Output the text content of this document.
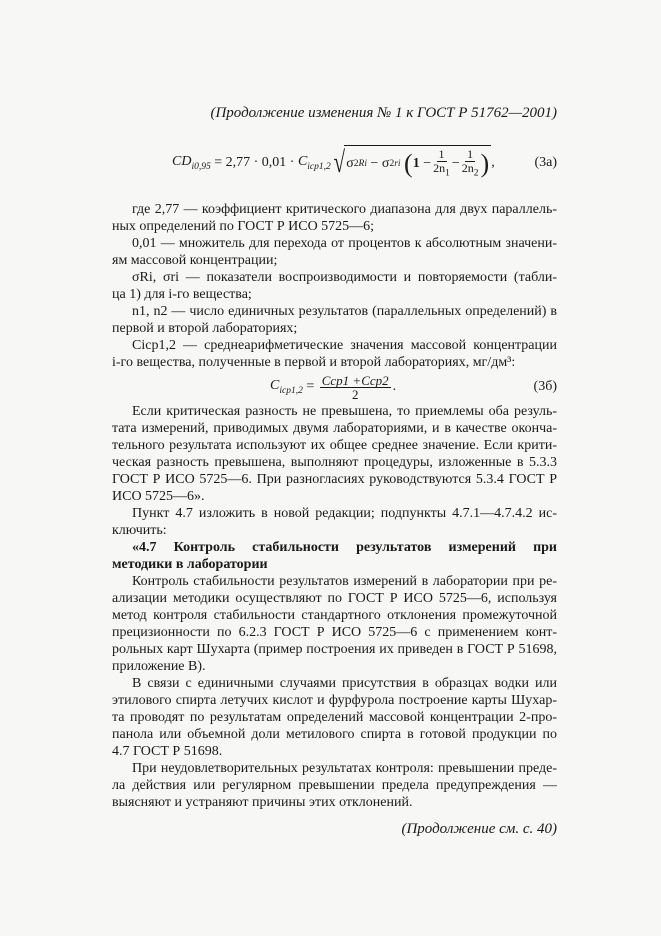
(Продолжение изменения № 1 к ГОСТ Р 51762—2001)
$CD_{i0,95}$
=
2,77 · 0,01 ·
$C_{icp1,2}$ √ σ 2 Ri
−
σ 2 ri
( 1
− $\frac{1}{2n_1} - \frac{1}{2n_2}$ ) ,	(3а)
где 2,77 — коэффициент критического диапазона для двух параллель-
ных определений по ГОСТ Р ИСО 5725—6;
0,01 — множитель для перехода от процентов к абсолютным значени-
ям массовой концентрации;
σRi, σri — показатели воспроизводимости и повторяемости (табли-
ца 1) для i-го вещества;
n1, n2 — число единичных результатов (параллельных определений) в
первой и второй лабораториях;
Ciср1,2 — среднеарифметические значения массовой концентрации
i-го вещества, полученные в первой и второй лабораториях, мг/дм³:
$C_{icp1,2}$
=
$\frac{\text{Ccp1 +Ccp2}}{2}$ .	(3б)
Если критическая разность не превышена, то приемлемы оба резуль-
тата измерений, приводимых двумя лабораториями, и в качестве оконча-
тельного результата используют их общее среднее значение. Если крити-
ческая разность превышена, выполняют процедуры, изложенные в 5.3.3
ГОСТ Р ИСО 5725—6. При разногласиях руководствуются 5.3.4 ГОСТ Р
ИСО 5725—6».
Пункт 4.7 изложить в новой редакции; подпункты 4.7.1—4.7.4.2 ис-
ключить:
«4.7 Контроль стабильности результатов измерений при
методики в лаборатории
Контроль стабильности результатов измерений в лаборатории при ре-
ализации методики осуществляют по ГОСТ Р ИСО 5725—6, используя
метод контроля стабильности стандартного отклонения промежуточной
прецизионности по 6.2.3 ГОСТ Р ИСО 5725—6 с применением конт-
рольных карт Шухарта (пример построения их приведен в ГОСТ Р 51698,
приложение В).
В связи с единичными случаями присутствия в образцах водки или
этилового спирта летучих кислот и фурфурола построение карты Шухар-
та проводят по результатам определений массовой концентрации 2-про-
панола или объемной доли метилового спирта в готовой продукции по
4.7 ГОСТ Р 51698.
При неудовлетворительных результатах контроля: превышении преде-
ла действия или регулярном превышении предела предупреждения —
выясняют и устраняют причины этих отклонений.
(Продолжение см. с. 40)
